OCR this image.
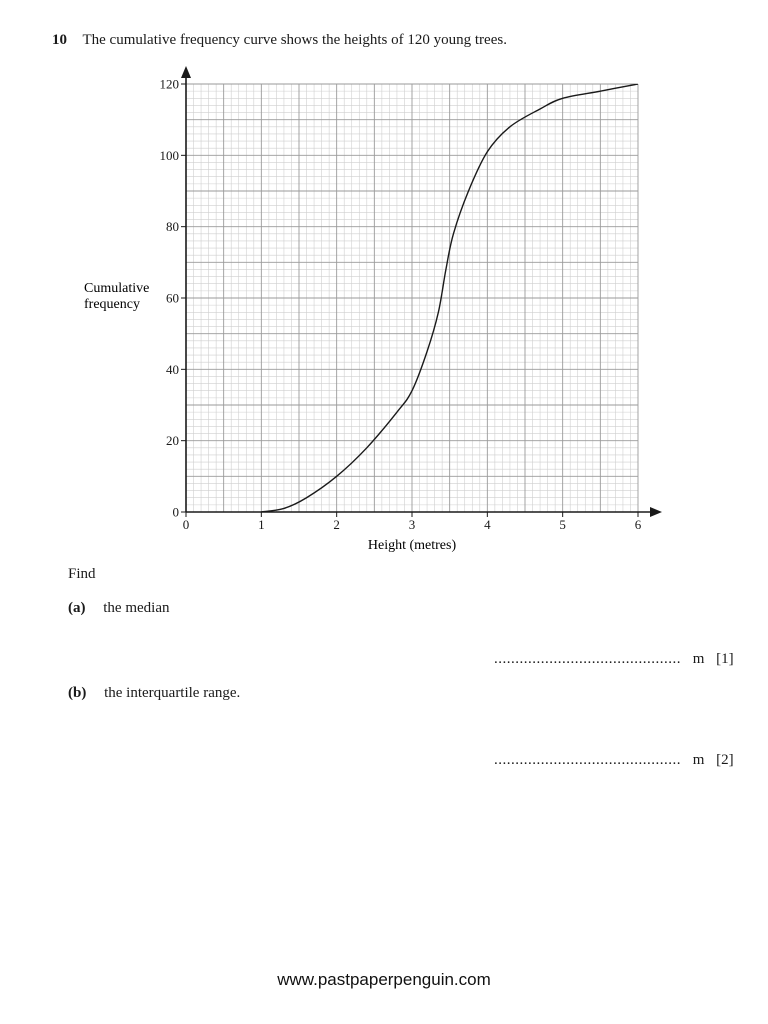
10 The cumulative frequency curve shows the heights of 120 young trees.
0	1	2	3	4	5	6
0
20
40
60
80
100
120
Cumulative
frequency
Height (metres)
Find
(a) the median
............................................ m [1]
(b) the interquartile range.
............................................ m [2]
www.pastpaperpenguin.com
